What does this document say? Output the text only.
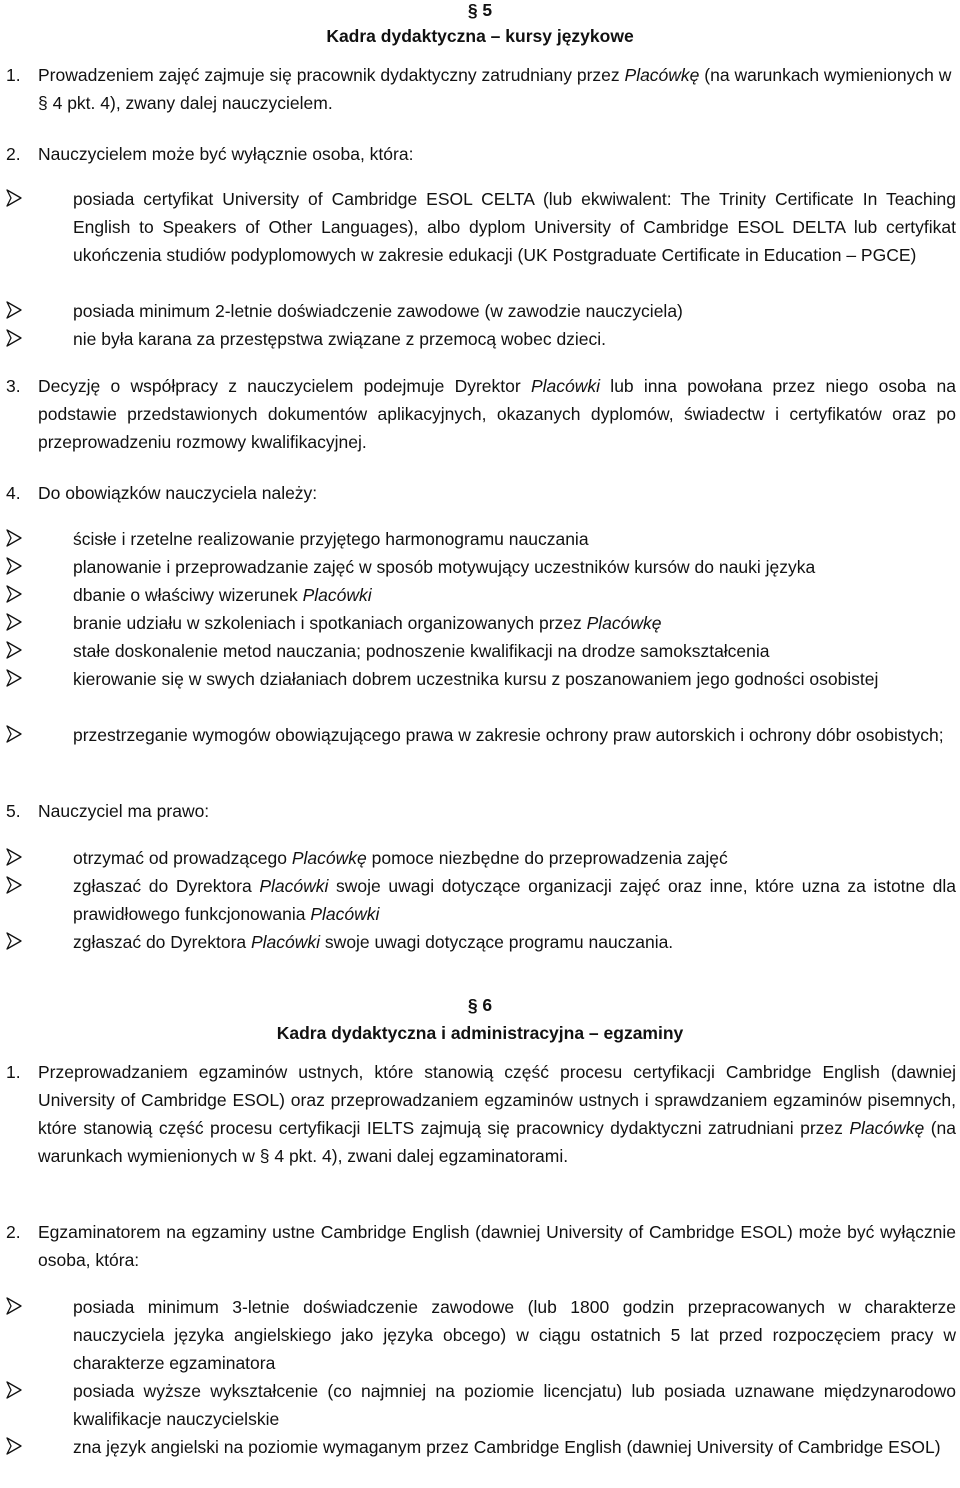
§ 5
Kadra dydaktyczna – kursy językowe
1. Prowadzeniem zajęć zajmuje się pracownik dydaktyczny zatrudniany przez Placówkę (na warunkach wymienionych w § 4 pkt. 4), zwany dalej nauczycielem.
2. Nauczycielem może być wyłącznie osoba, która:
posiada certyfikat University of Cambridge ESOL CELTA (lub ekwiwalent: The Trinity Certificate In Teaching English to Speakers of Other Languages), albo dyplom University of Cambridge ESOL DELTA lub certyfikat ukończenia studiów podyplomowych w zakresie edukacji (UK Postgraduate Certificate in Education – PGCE)
posiada minimum 2-letnie doświadczenie zawodowe (w zawodzie nauczyciela)
nie była karana za przestępstwa związane z przemocą wobec dzieci.
3. Decyzję o współpracy z nauczycielem podejmuje Dyrektor Placówki lub inna powołana przez niego osoba na podstawie przedstawionych dokumentów aplikacyjnych, okazanych dyplomów, świadectw i certyfikatów oraz po przeprowadzeniu rozmowy kwalifikacyjnej.
4. Do obowiązków nauczyciela należy:
ścisłe i rzetelne realizowanie przyjętego harmonogramu nauczania
planowanie i przeprowadzanie zajęć w sposób motywujący uczestników kursów do nauki języka
dbanie o właściwy wizerunek Placówki
branie udziału w szkoleniach i spotkaniach organizowanych przez Placówkę
stałe doskonalenie metod nauczania; podnoszenie kwalifikacji na drodze samokształcenia
kierowanie się w swych działaniach dobrem uczestnika kursu z poszanowaniem jego godności osobistej
przestrzeganie wymogów obowiązującego prawa w zakresie ochrony praw autorskich i ochrony dóbr osobistych;
5. Nauczyciel ma prawo:
otrzymać od prowadzącego Placówkę pomoce niezbędne do przeprowadzenia zajęć
zgłaszać do Dyrektora Placówki swoje uwagi dotyczące organizacji zajęć oraz inne, które uzna za istotne dla prawidłowego funkcjonowania Placówki
zgłaszać do Dyrektora Placówki swoje uwagi dotyczące programu nauczania.
§ 6
Kadra dydaktyczna i administracyjna – egzaminy
1. Przeprowadzaniem egzaminów ustnych, które stanowią część procesu certyfikacji Cambridge English (dawniej University of Cambridge ESOL) oraz przeprowadzaniem egzaminów ustnych i sprawdzaniem egzaminów pisemnych, które stanowią część procesu certyfikacji IELTS zajmują się pracownicy dydaktyczni zatrudniani przez Placówkę (na warunkach wymienionych w § 4 pkt. 4), zwani dalej egzaminatorami.
2. Egzaminatorem na egzaminy ustne Cambridge English (dawniej University of Cambridge ESOL) może być wyłącznie osoba, która:
posiada minimum 3-letnie doświadczenie zawodowe (lub 1800 godzin przepracowanych w charakterze nauczyciela języka angielskiego jako języka obcego) w ciągu ostatnich 5 lat przed rozpoczęciem pracy w charakterze egzaminatora
posiada wyższe wykształcenie (co najmniej na poziomie licencjatu) lub posiada uznawane międzynarodowo kwalifikacje nauczycielskie
zna język angielski na poziomie wymaganym przez Cambridge English (dawniej University of Cambridge ESOL)
